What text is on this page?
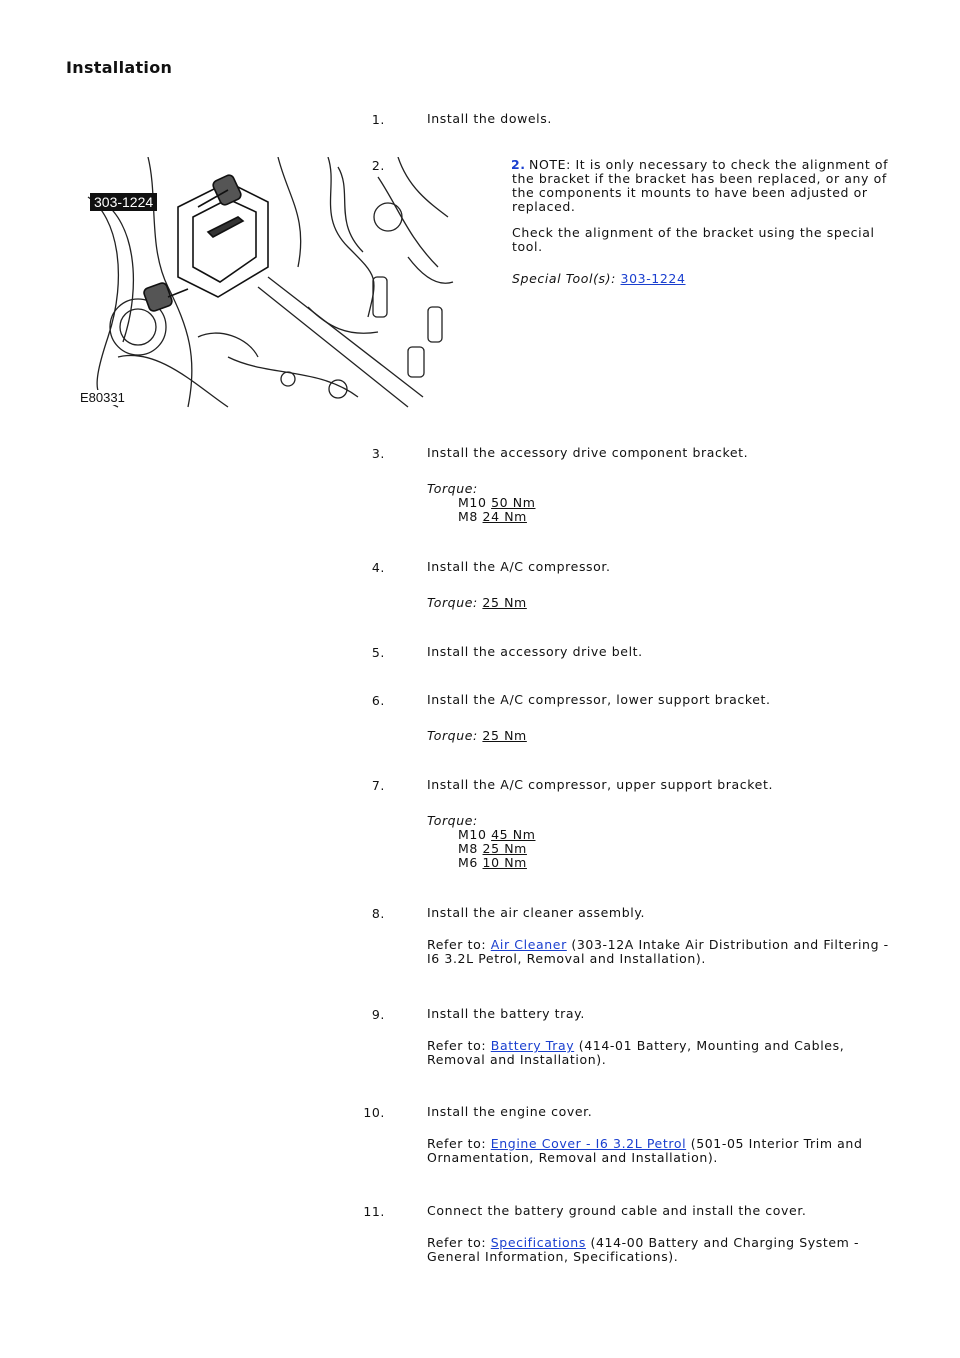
Installation
1.	Install the dowels.
303-1224
E80331
2.	2. NOTE: It is only necessary to check the alignment of the bracket if the bracket has been replaced, or any of the components it mounts to have been adjusted or replaced.
Check the alignment of the bracket using the special tool.
Special Tool(s): 303-1224
3.	Install the accessory drive component bracket.
Torque:
M10 50 Nm
M8 24 Nm
4.	Install the A/C compressor.
Torque: 25 Nm
5.	Install the accessory drive belt.
6.	Install the A/C compressor, lower support bracket.
Torque: 25 Nm
7.	Install the A/C compressor, upper support bracket.
Torque:
M10 45 Nm
M8 25 Nm
M6 10 Nm
8.	Install the air cleaner assembly.
Refer to: Air Cleaner (303-12A Intake Air Distribution and Filtering - I6 3.2L Petrol, Removal and Installation).
9.	Install the battery tray.
Refer to: Battery Tray (414-01 Battery, Mounting and Cables, Removal and Installation).
10.	Install the engine cover.
Refer to: Engine Cover - I6 3.2L Petrol (501-05 Interior Trim and Ornamentation, Removal and Installation).
11.	Connect the battery ground cable and install the cover.
Refer to: Specifications (414-00 Battery and Charging System - General Information, Specifications).
